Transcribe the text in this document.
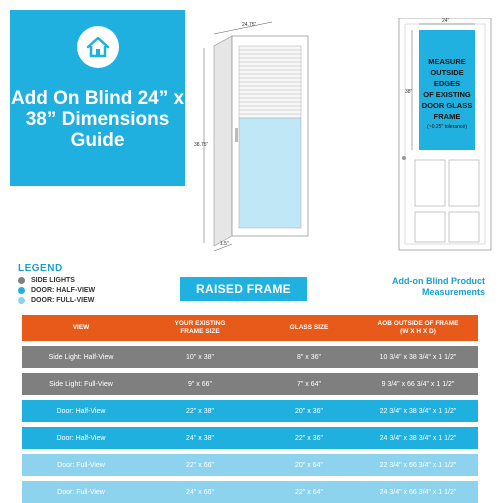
Add On Blind 24” x 38” Dimensions Guide
24.75"
38.75"
1.5"
24"
38"
MEASURE
OUTSIDE
EDGES
OF EXISTING
DOOR GLASS
FRAME
(~0.25" tolerance)
LEGEND
SIDE LIGHTS
DOOR: HALF-VIEW
DOOR: FULL-VIEW
RAISED FRAME
Add-on Blind Product
Measurements
VIEW
YOUR EXISTING
FRAME SIZE
GLASS SIZE
AOB OUTSIDE OF FRAME
(W X H X D)
Side Light: Half-View	10" x 38"	8" x 36"	10 3/4" x 38 3/4" x 1 1/2"
Side Light: Full-View	9" x 66"	7" x 64"	9 3/4" x 66 3/4" x 1 1/2"
Door: Half-View	22" x 38"	20" x 36"	22 3/4" x 38 3/4" x 1 1/2"
Door: Half-View	24" x 38"	22" x 36"	24 3/4" x 38 3/4" x 1 1/2"
Door: Full-View	22" x 66"	20" x 64"	22 3/4" x 66 3/4" x 1 1/2"
Door: Full-View	24" x 66"	22" x 64"	24 3/4" x 66 3/4" x 1 1/2"
